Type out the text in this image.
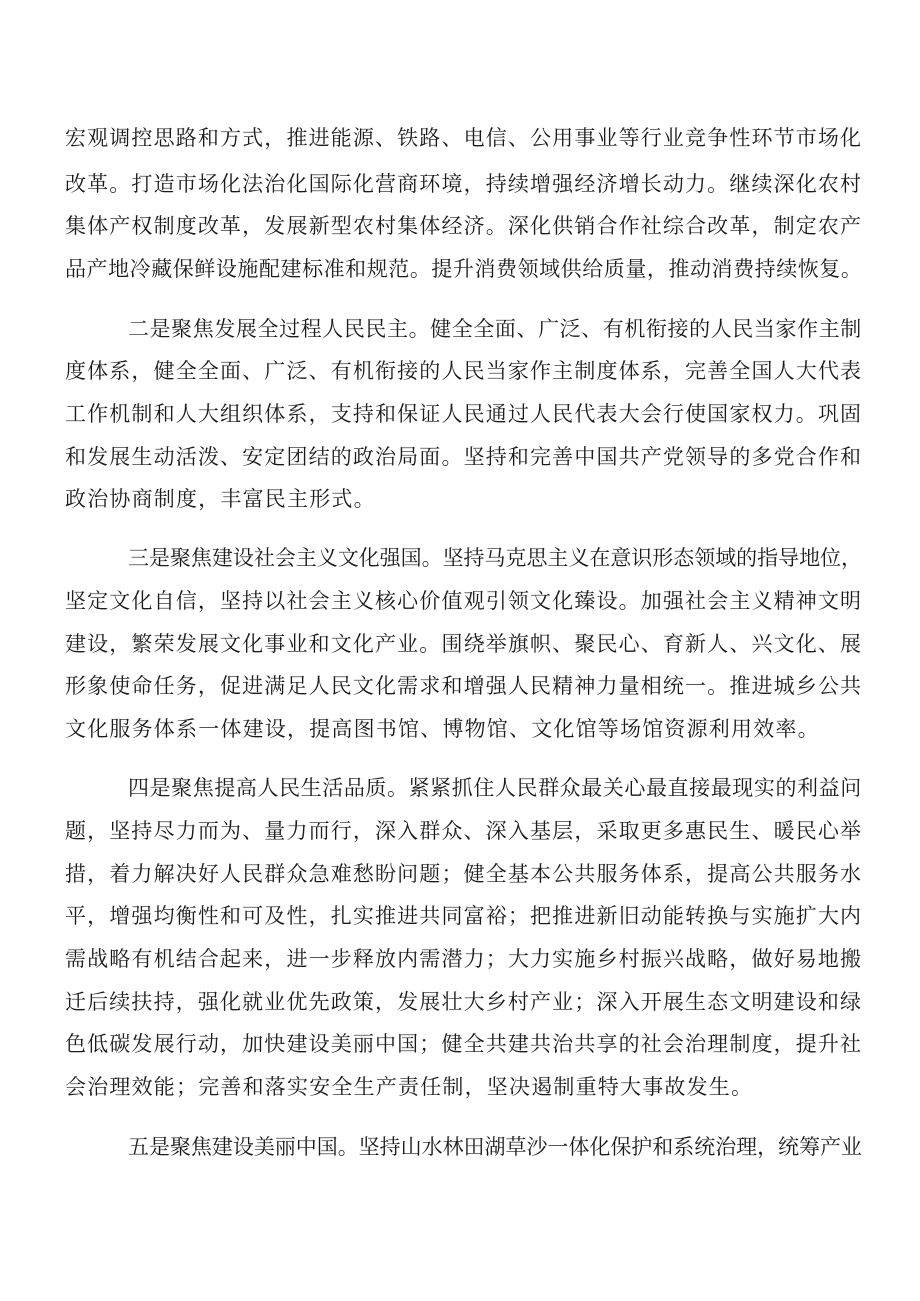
宏观调控思路和方式，推进能源、铁路、电信、公用事业等行业竞争性环节市场化
改革。打造市场化法治化国际化营商环境，持续增强经济增长动力。继续深化农村
集体产权制度改革，发展新型农村集体经济。深化供销合作社综合改革，制定农产
品产地冷藏保鲜设施配建标准和规范。提升消费领域供给质量，推动消费持续恢复。
二是聚焦发展全过程人民民主。健全全面、广泛、有机衔接的人民当家作主制
度体系，健全全面、广泛、有机衔接的人民当家作主制度体系，完善全国人大代表
工作机制和人大组织体系，支持和保证人民通过人民代表大会行使国家权力。巩固
和发展生动活泼、安定团结的政治局面。坚持和完善中国共产党领导的多党合作和
政治协商制度，丰富民主形式。
三是聚焦建设社会主义文化强国。坚持马克思主义在意识形态领域的指导地位，
坚定文化自信，坚持以社会主义核心价值观引领文化臻设。加强社会主义精神文明
建设，繁荣发展文化事业和文化产业。围绕举旗帜、聚民心、育新人、兴文化、展
形象使命任务，促进满足人民文化需求和增强人民精神力量相统一。推进城乡公共
文化服务体系一体建设，提高图书馆、博物馆、文化馆等场馆资源利用效率。
四是聚焦提高人民生活品质。紧紧抓住人民群众最关心最直接最现实的利益问
题，坚持尽力而为、量力而行，深入群众、深入基层，采取更多惠民生、暖民心举
措，着力解决好人民群众急难愁盼问题；健全基本公共服务体系，提高公共服务水
平，增强均衡性和可及性，扎实推进共同富裕；把推进新旧动能转换与实施扩大内
需战略有机结合起来，进一步释放内需潜力；大力实施乡村振兴战略，做好易地搬
迁后续扶持，强化就业优先政策，发展壮大乡村产业；深入开展生态文明建设和绿
色低碳发展行动，加快建设美丽中国；健全共建共治共享的社会治理制度，提升社
会治理效能；完善和落实安全生产责任制，坚决遏制重特大事故发生。
五是聚焦建设美丽中国。坚持山水林田湖草沙一体化保护和系统治理，统筹产业
